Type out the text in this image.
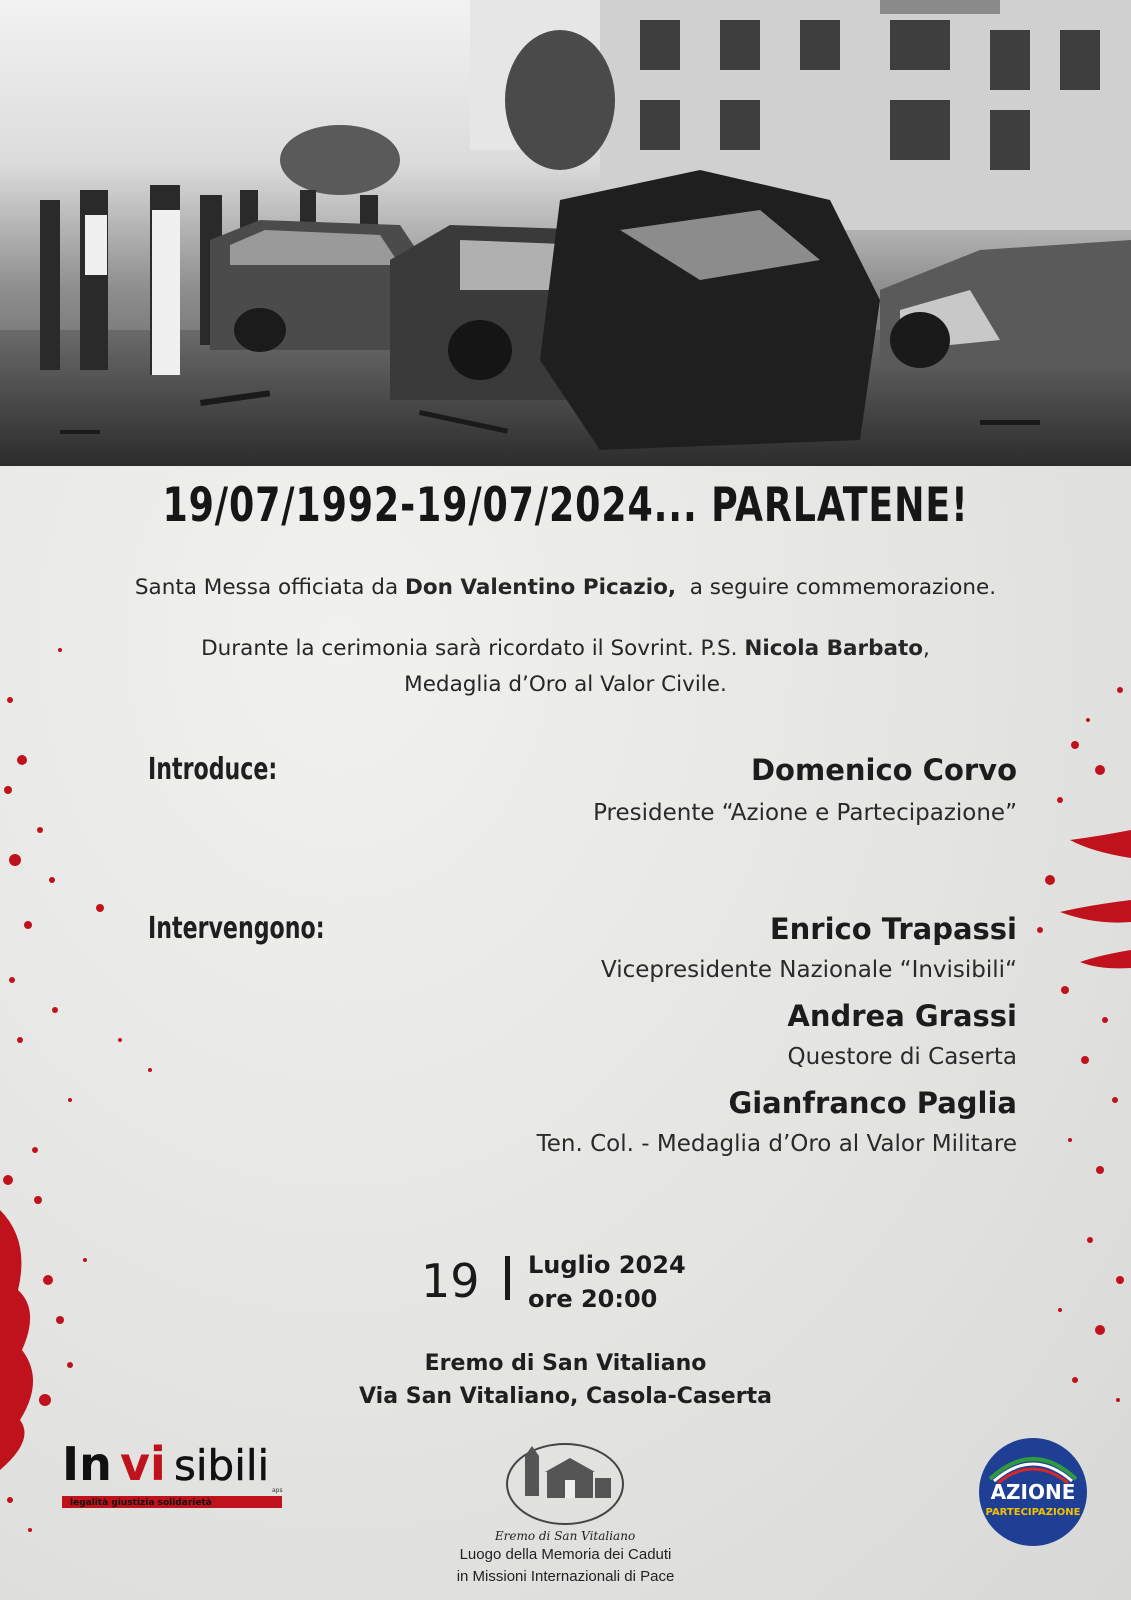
19/07/1992-19/07/2024... PARLATENE!
Santa Messa officiata da Don Valentino Picazio,  a seguire commemorazione.
Durante la cerimonia sarà ricordato il Sovrint. P.S. Nicola Barbato,
Medaglia d’Oro al Valor Civile.
Introduce:	Domenico Corvo
Presidente “Azione e Partecipazione”
Intervengono:	Enrico Trapassi
Vicepresidente Nazionale “Invisibili“
Andrea Grassi
Questore di Caserta
Gianfranco Paglia
Ten. Col. - Medaglia d’Oro al Valor Militare
19 Luglio 2024
ore 20:00
Eremo di San Vitaliano
Via San Vitaliano, Casola-Caserta
In vi sibili
aps
legalità giustizia solidarietà
Eremo di San Vitaliano
Luogo della Memoria dei Caduti
in Missioni Internazionali di Pace
AZIONE
PARTECIPAZIONE
